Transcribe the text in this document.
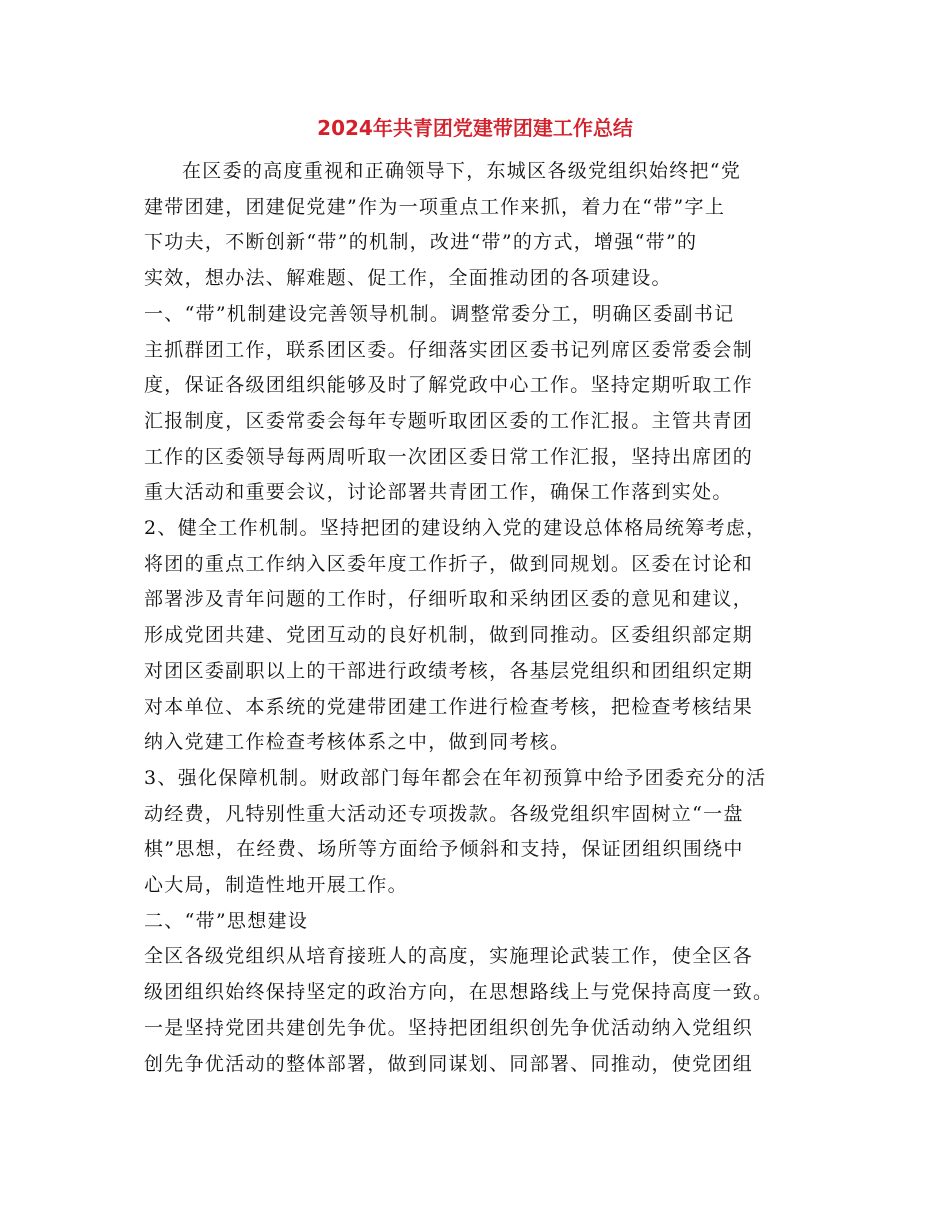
2024年共青团党建带团建工作总结

在区委的高度重视和正确领导下，东城区各级党组织始终把“党

建带团建，团建促党建”作为一项重点工作来抓，着力在“带”字上

下功夫，不断创新“带”的机制，改进“带”的方式，增强“带”的

实效，想办法、解难题、促工作，全面推动团的各项建设。

一、“带”机制建设完善领导机制。调整常委分工，明确区委副书记

主抓群团工作，联系团区委。仔细落实团区委书记列席区委常委会制

度，保证各级团组织能够及时了解党政中心工作。坚持定期听取工作

汇报制度，区委常委会每年专题听取团区委的工作汇报。主管共青团

工作的区委领导每两周听取一次团区委日常工作汇报，坚持出席团的

重大活动和重要会议，讨论部署共青团工作，确保工作落到实处。

2、健全工作机制。坚持把团的建设纳入党的建设总体格局统筹考虑，

将团的重点工作纳入区委年度工作折子，做到同规划。区委在讨论和

部署涉及青年问题的工作时，仔细听取和采纳团区委的意见和建议，

形成党团共建、党团互动的良好机制，做到同推动。区委组织部定期

对团区委副职以上的干部进行政绩考核，各基层党组织和团组织定期

对本单位、本系统的党建带团建工作进行检查考核，把检查考核结果

纳入党建工作检查考核体系之中，做到同考核。

3、强化保障机制。财政部门每年都会在年初预算中给予团委充分的活

动经费，凡特别性重大活动还专项拨款。各级党组织牢固树立“一盘

棋”思想，在经费、场所等方面给予倾斜和支持，保证团组织围绕中

心大局，制造性地开展工作。

二、“带”思想建设

全区各级党组织从培育接班人的高度，实施理论武装工作，使全区各

级团组织始终保持坚定的政治方向，在思想路线上与党保持高度一致。

一是坚持党团共建创先争优。坚持把团组织创先争优活动纳入党组织

创先争优活动的整体部署，做到同谋划、同部署、同推动，使党团组
